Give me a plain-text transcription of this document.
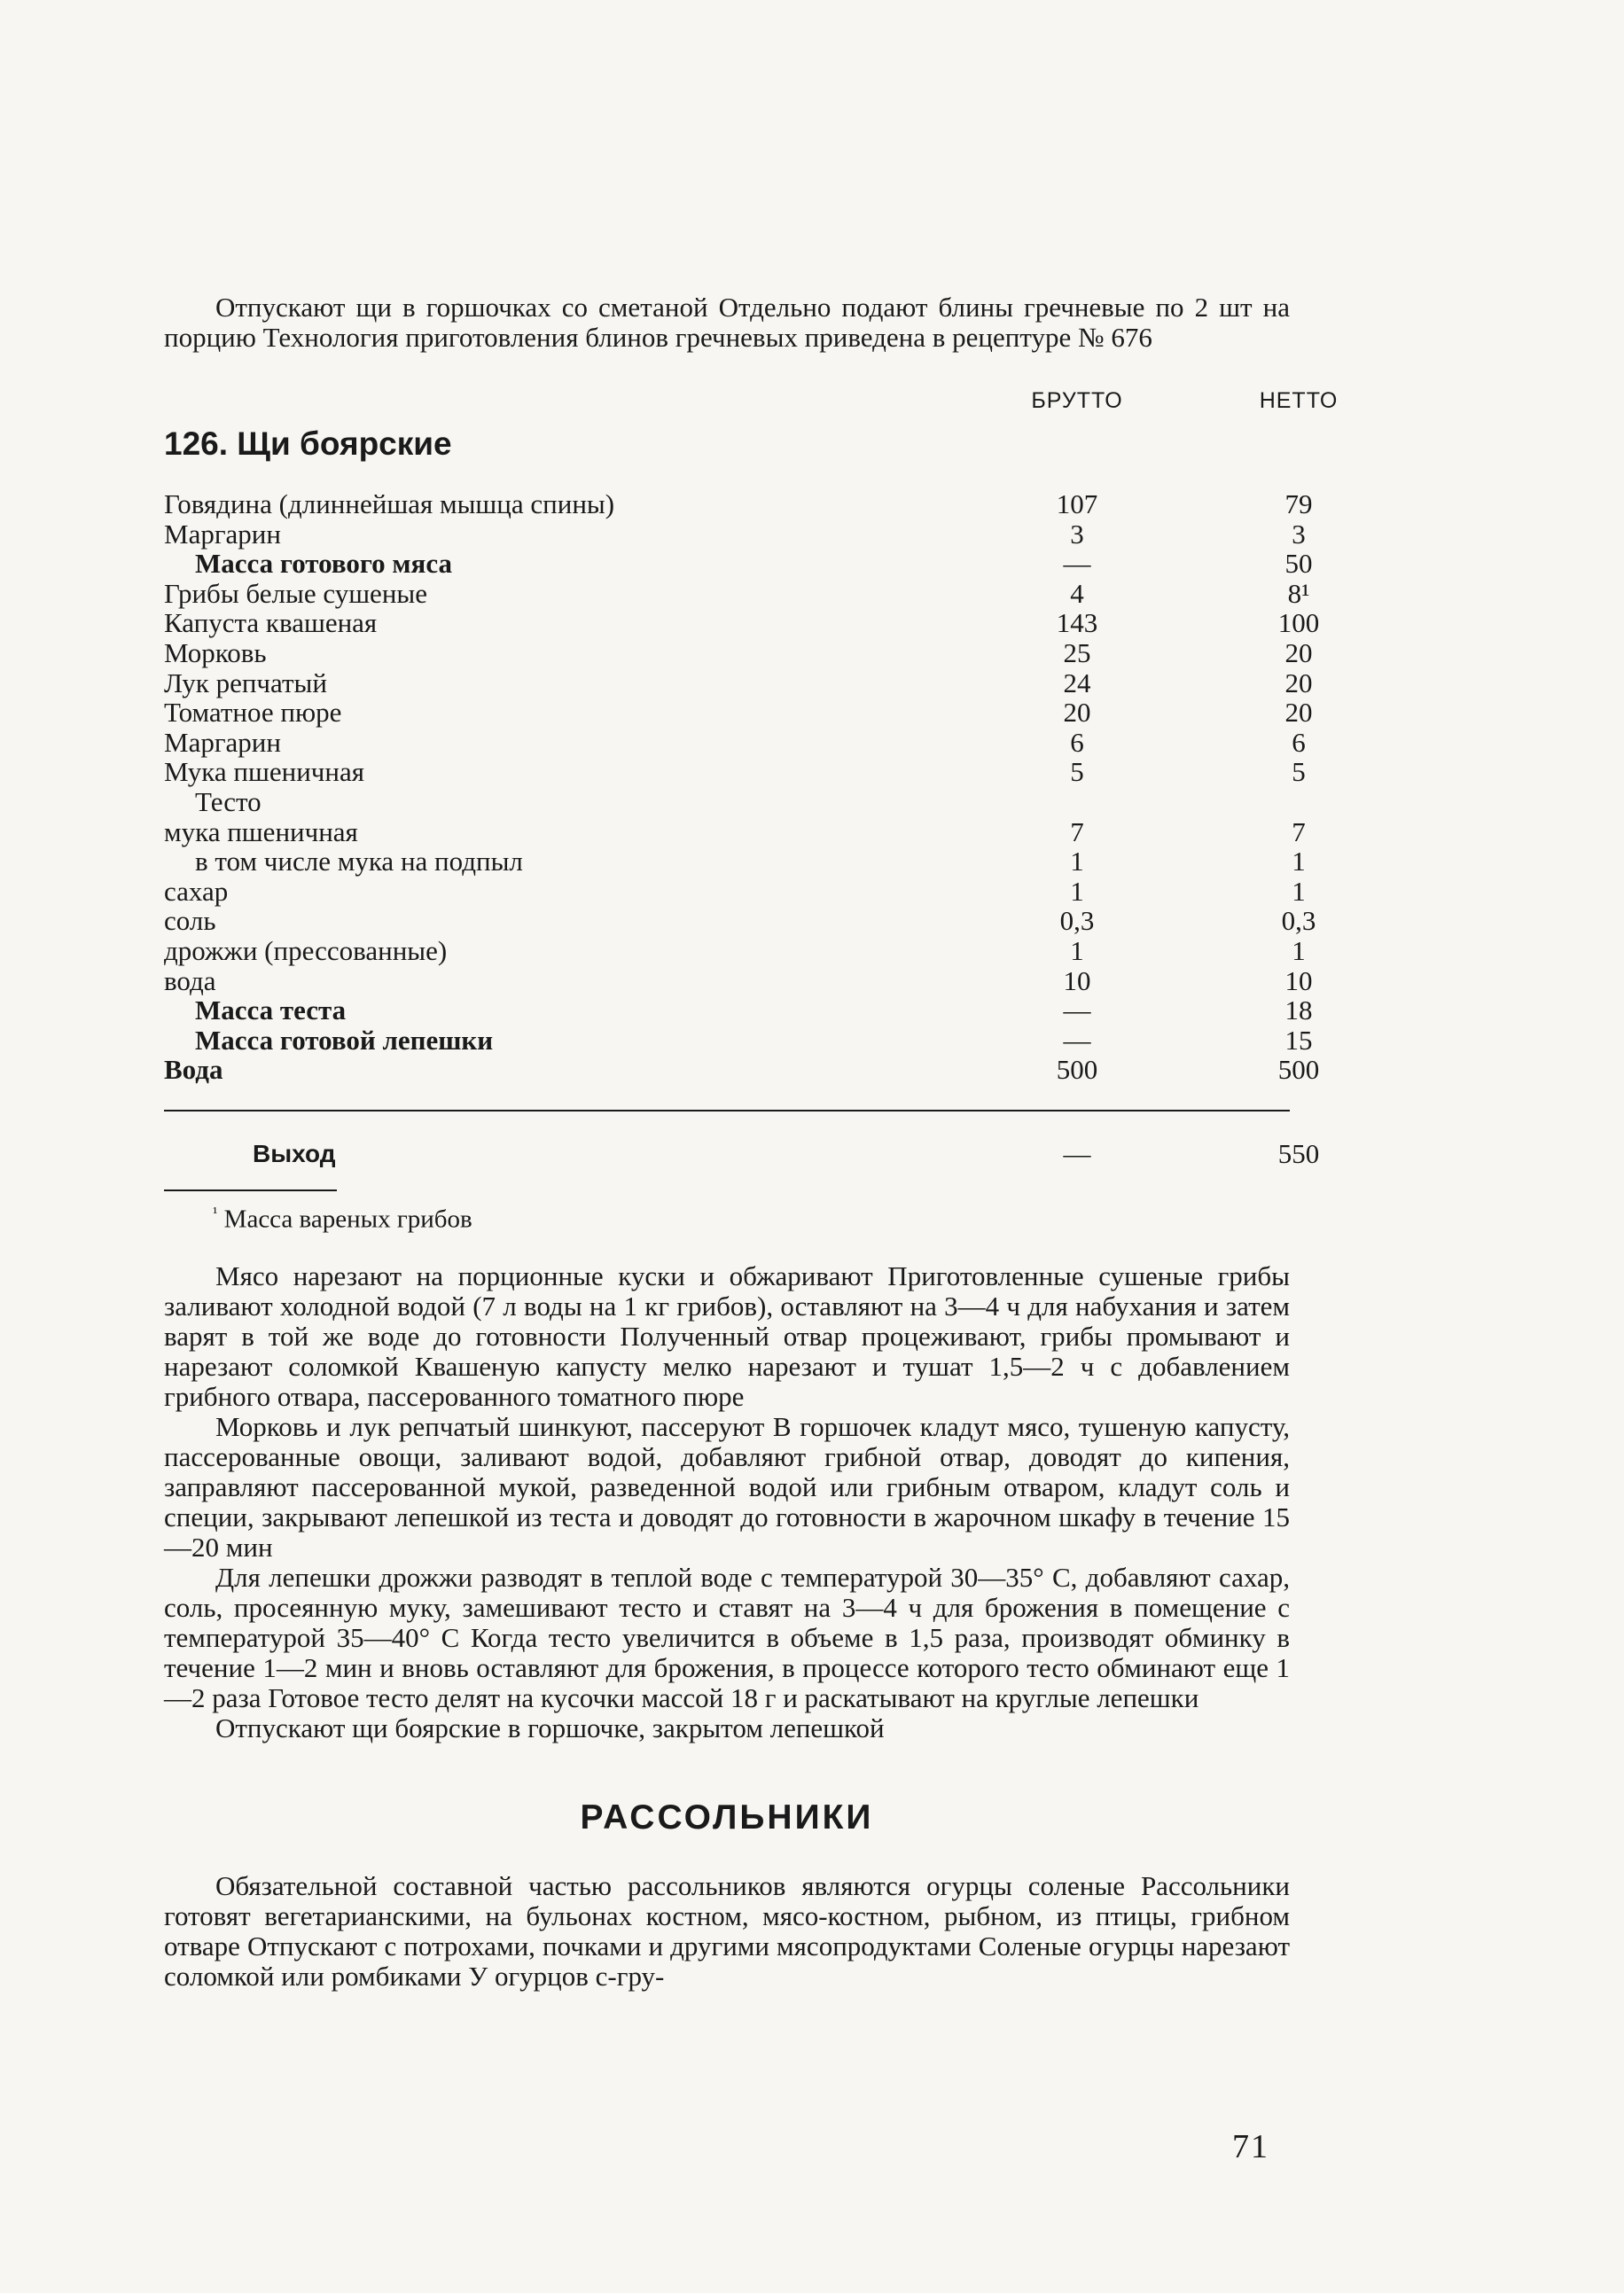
Отпускают щи в горшочках со сметаной Отдельно подают блины гречневые по 2 шт на порцию Технология приготовления блинов гречневых приведена в рецептуре № 676

БРУТТО	НЕТТО
126. Щи боярские
Говядина (длиннейшая мышца спины)	107	79
Маргарин	3	3
Масса готового мяса	—	50
Грибы белые сушеные	4	8¹
Капуста квашеная	143	100
Морковь	25	20
Лук репчатый	24	20
Томатное пюре	20	20
Маргарин	6	6
Мука пшеничная	5	5
Тесто
мука пшеничная	7	7
в том числе мука на подпыл	1	1
сахар	1	1
соль	0,3	0,3
дрожжи (прессованные)	1	1
вода	10	10
Масса теста	—	18
Масса готовой лепешки	—	15
Вода	500	500
Выход	—	550
$^{^1}$ Масса вареных грибов

Мясо нарезают на порционные куски и обжаривают Приготовленные сушеные грибы заливают холодной водой (7 л воды на 1 кг грибов), оставляют на 3—4 ч для набухания и затем варят в той же воде до готовности Полученный отвар процеживают, грибы промывают и нарезают соломкой Квашеную капусту мелко нарезают и тушат 1,5—2 ч с добавлением грибного отвара, пассерованного томатного пюре

Морковь и лук репчатый шинкуют, пассеруют В горшочек кладут мясо, тушеную капусту, пассерованные овощи, заливают водой, добавляют грибной отвар, доводят до кипения, заправляют пассерованной мукой, разведенной водой или грибным отваром, кладут соль и специи, закрывают лепешкой из теста и доводят до готовности в жарочном шкафу в течение 15—20 мин

Для лепешки дрожжи разводят в теплой воде с температурой 30—35° С, добавляют сахар, соль, просеянную муку, замешивают тесто и ставят на 3—4 ч для брожения в помещение с температурой 35—40° С Когда тесто увеличится в объеме в 1,5 раза, производят обминку в течение 1—2 мин и вновь оставляют для брожения, в процессе которого тесто обминают еще 1—2 раза Готовое тесто делят на кусочки массой 18 г и раскатывают на круглые лепешки

Отпускают щи боярские в горшочке, закрытом лепешкой

РАССОЛЬНИКИ

Обязательной составной частью рассольников являются огурцы соленые Рассольники готовят вегетарианскими, на бульонах костном, мясо-костном, рыбном, из птицы, грибном отваре Отпускают с потрохами, почками и другими мясопродуктами Соленые огурцы нарезают соломкой или ромбиками У огурцов с-гру-

71
